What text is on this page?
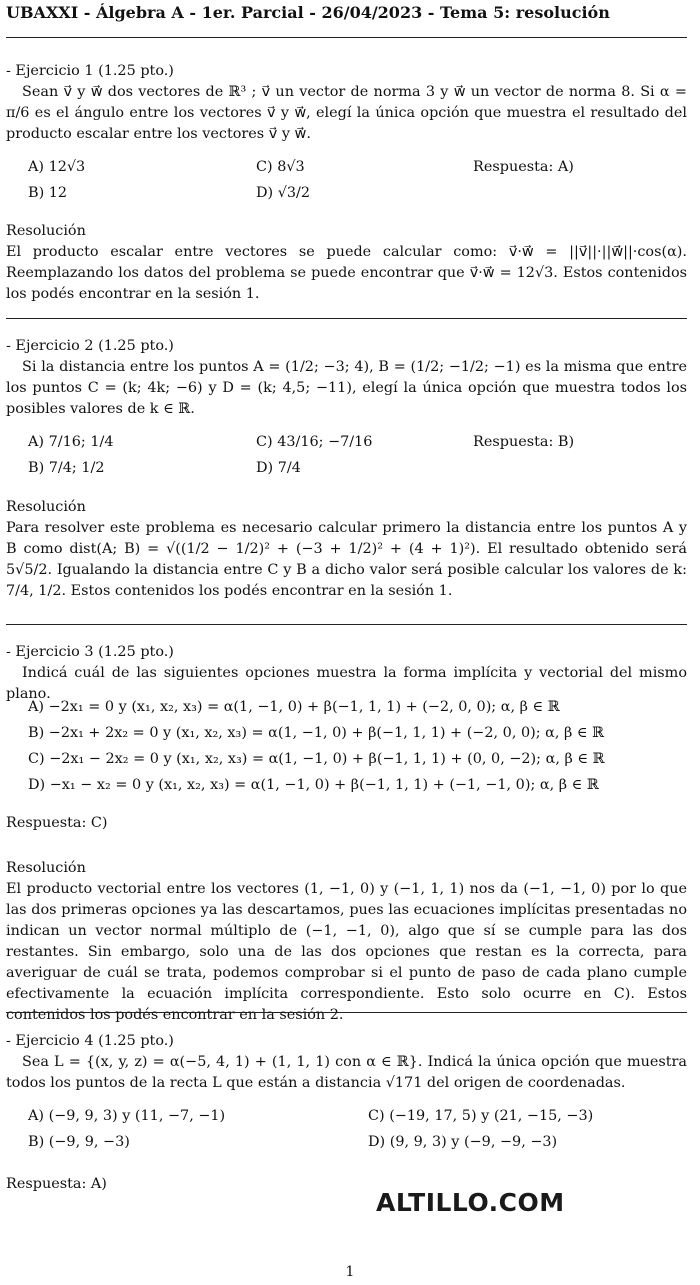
UBAXXI - Álgebra A - 1er. Parcial - 26/04/2023 - Tema 5: resolución
- Ejercicio 1 (1.25 pto.)
Sean v⃗ y w⃗ dos vectores de ℝ³ ; v⃗ un vector de norma 3 y w⃗ un vector de norma 8. Si α = π/6 es el ángulo entre los vectores v⃗ y w⃗, elegí la única opción que muestra el resultado del producto escalar entre los vectores v⃗ y w⃗.
A) 12√3
B) 12
C) 8√3
D) √3/2
Respuesta: A)
Resolución
El producto escalar entre vectores se puede calcular como: v⃗·w⃗ = ||v⃗||·||w⃗||·cos(α). Reemplazando los datos del problema se puede encontrar que v⃗·w⃗ = 12√3. Estos contenidos los podés encontrar en la sesión 1.
- Ejercicio 2 (1.25 pto.)
Si la distancia entre los puntos A = (1/2; −3; 4), B = (1/2; −1/2; −1) es la misma que entre los puntos C = (k; 4k; −6) y D = (k; 4,5; −11), elegí la única opción que muestra todos los posibles valores de k ∈ ℝ.
A) 7/16; 1/4
B) 7/4; 1/2
C) 43/16; −7/16
D) 7/4
Respuesta: B)
Resolución
Para resolver este problema es necesario calcular primero la distancia entre los puntos A y B como dist(A; B) = √((1/2 − 1/2)² + (−3 + 1/2)² + (4 + 1)²). El resultado obtenido será 5√5/2. Igualando la distancia entre C y B a dicho valor será posible calcular los valores de k: 7/4, 1/2. Estos contenidos los podés encontrar en la sesión 1.
- Ejercicio 3 (1.25 pto.)
Indicá cuál de las siguientes opciones muestra la forma implícita y vectorial del mismo plano.
A) −2x₁ = 0 y (x₁, x₂, x₃) = α(1, −1, 0) + β(−1, 1, 1) + (−2, 0, 0); α, β ∈ ℝ
B) −2x₁ + 2x₂ = 0 y (x₁, x₂, x₃) = α(1, −1, 0) + β(−1, 1, 1) + (−2, 0, 0); α, β ∈ ℝ
C) −2x₁ − 2x₂ = 0 y (x₁, x₂, x₃) = α(1, −1, 0) + β(−1, 1, 1) + (0, 0, −2); α, β ∈ ℝ
D) −x₁ − x₂ = 0 y (x₁, x₂, x₃) = α(1, −1, 0) + β(−1, 1, 1) + (−1, −1, 0); α, β ∈ ℝ
Respuesta: C)
Resolución
El producto vectorial entre los vectores (1, −1, 0) y (−1, 1, 1) nos da (−1, −1, 0) por lo que las dos primeras opciones ya las descartamos, pues las ecuaciones implícitas presentadas no indican un vector normal múltiplo de (−1, −1, 0), algo que sí se cumple para las dos restantes. Sin embargo, solo una de las dos opciones que restan es la correcta, para averiguar de cuál se trata, podemos comprobar si el punto de paso de cada plano cumple efectivamente la ecuación implícita correspondiente. Esto solo ocurre en C). Estos contenidos los podés encontrar en la sesión 2.
- Ejercicio 4 (1.25 pto.)
Sea L = {(x, y, z) = α(−5, 4, 1) + (1, 1, 1) con α ∈ ℝ}. Indicá la única opción que muestra todos los puntos de la recta L que están a distancia √171 del origen de coordenadas.
A) (−9, 9, 3) y (11, −7, −1)
B) (−9, 9, −3)
C) (−19, 17, 5) y (21, −15, −3)
D) (9, 9, 3) y (−9, −9, −3)
Respuesta: A)
ALTILLO.COM
1
